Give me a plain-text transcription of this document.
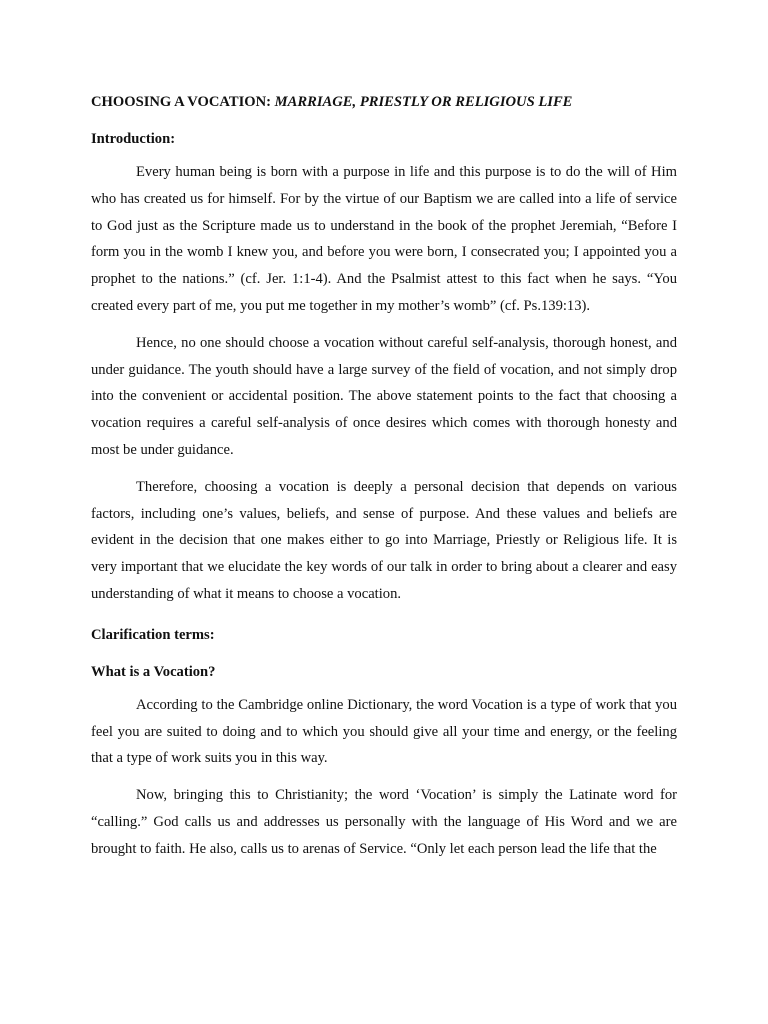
CHOOSING A VOCATION: MARRIAGE, PRIESTLY OR RELIGIOUS LIFE
Introduction:

Every human being is born with a purpose in life and this purpose is to do the will of Him who has created us for himself. For by the virtue of our Baptism we are called into a life of service to God just as the Scripture made us to understand in the book of the prophet Jeremiah, “Before I form you in the womb I knew you, and before you were born, I consecrated you; I appointed you a prophet to the nations.” (cf. Jer. 1:1-4). And the Psalmist attest to this fact when he says. “You created every part of me, you put me together in my mother’s womb” (cf. Ps.139:13).

Hence, no one should choose a vocation without careful self-analysis, thorough honest, and under guidance. The youth should have a large survey of the field of vocation, and not simply drop into the convenient or accidental position. The above statement points to the fact that choosing a vocation requires a careful self-analysis of once desires which comes with thorough honesty and most be under guidance.

Therefore, choosing a vocation is deeply a personal decision that depends on various factors, including one’s values, beliefs, and sense of purpose. And these values and beliefs are evident in the decision that one makes either to go into Marriage, Priestly or Religious life. It is very important that we elucidate the key words of our talk in order to bring about a clearer and easy understanding of what it means to choose a vocation.

Clarification terms:
What is a Vocation?

According to the Cambridge online Dictionary, the word Vocation is a type of work that you feel you are suited to doing and to which you should give all your time and energy, or the feeling that a type of work suits you in this way.

Now, bringing this to Christianity; the word ‘Vocation’ is simply the Latinate word for “calling.” God calls us and addresses us personally with the language of His Word and we are brought to faith. He also, calls us to arenas of Service. “Only let each person lead the life that the
